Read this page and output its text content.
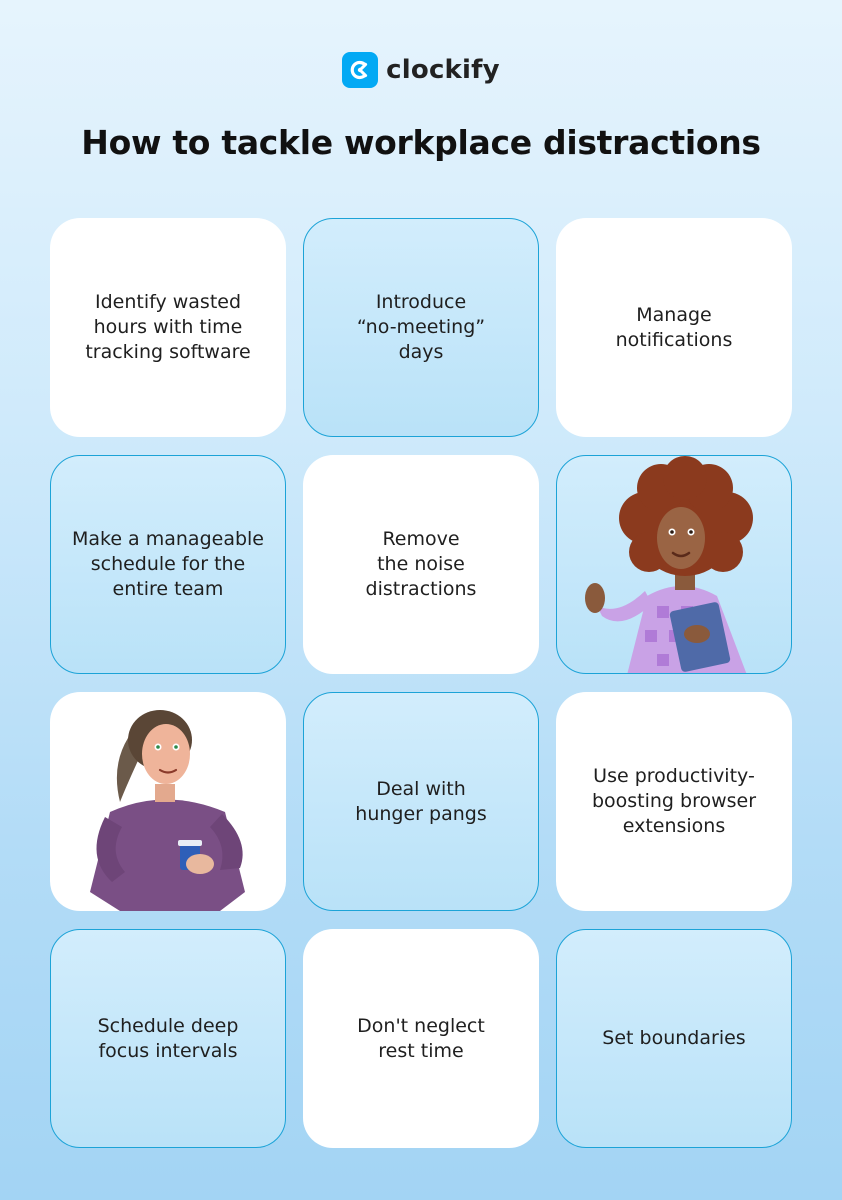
clockify
How to tackle workplace distractions
Identify wasted
hours with time
tracking software
Introduce
“no-meeting”
days
Manage
notifications
Make a manageable
schedule for the
entire team
Remove
the noise
distractions
Deal with
hunger pangs
Use productivity-
boosting browser
extensions
Schedule deep
focus intervals
Don't neglect
rest time
Set boundaries
